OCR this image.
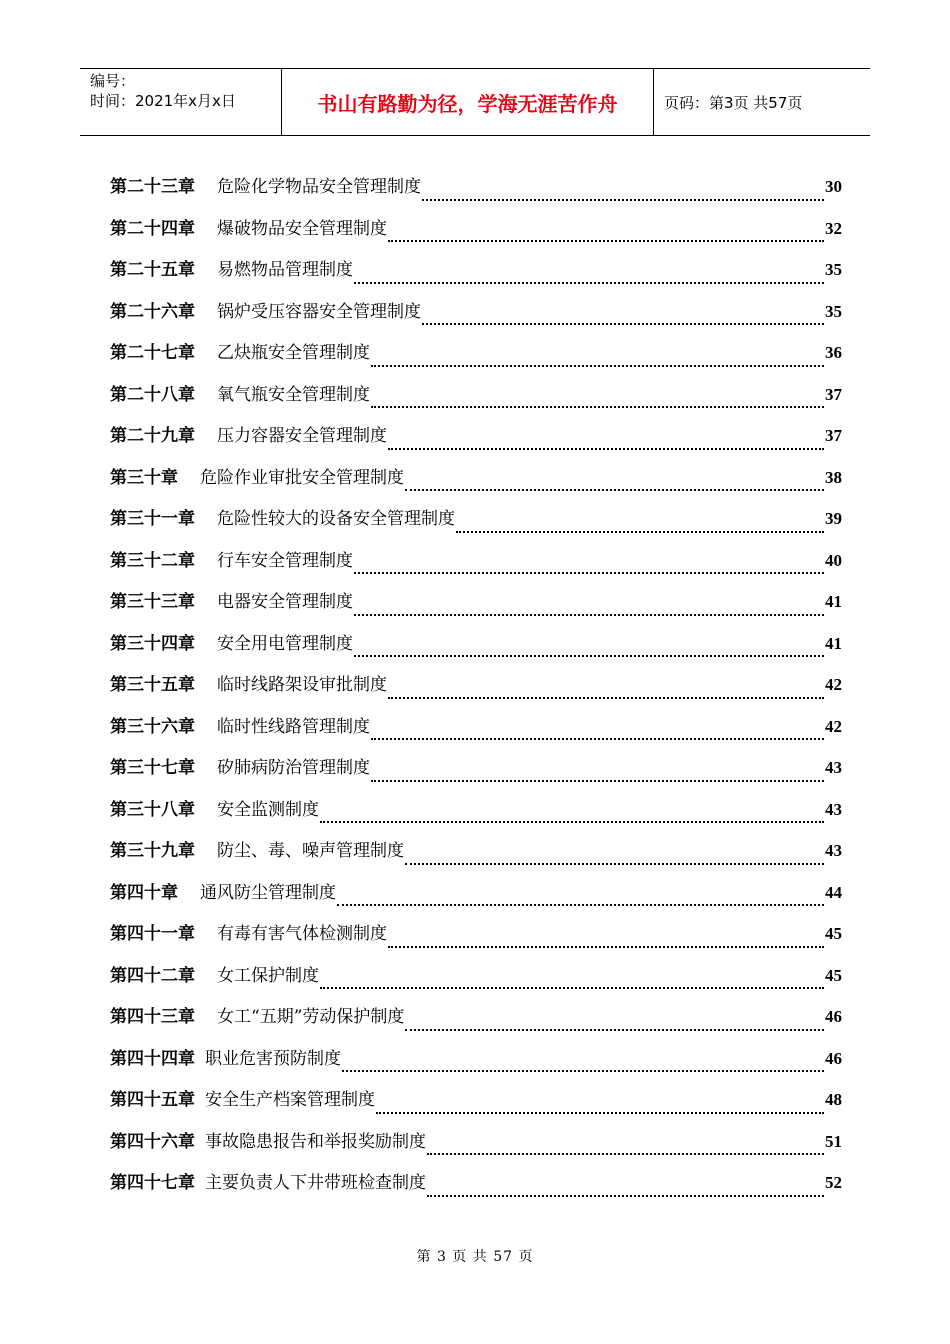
编号：
时间：2021年x月x日	书山有路勤为径，学海无涯苦作舟	页码：第3页 共57页
第二十三章 危险化学物品安全管理制度	30
第二十四章 爆破物品安全管理制度	32
第二十五章 易燃物品管理制度	35
第二十六章 锅炉受压容器安全管理制度	35
第二十七章 乙炔瓶安全管理制度	36
第二十八章 氧气瓶安全管理制度	37
第二十九章 压力容器安全管理制度	37
第三十章 危险作业审批安全管理制度	38
第三十一章 危险性较大的设备安全管理制度	39
第三十二章 行车安全管理制度	40
第三十三章 电器安全管理制度	41
第三十四章 安全用电管理制度	41
第三十五章 临时线路架设审批制度	42
第三十六章 临时性线路管理制度	42
第三十七章 矽肺病防治管理制度	43
第三十八章 安全监测制度	43
第三十九章 防尘、毒、噪声管理制度	43
第四十章 通风防尘管理制度	44
第四十一章 有毒有害气体检测制度	45
第四十二章 女工保护制度	45
第四十三章 女工“五期”劳动保护制度	46
第四十四章 职业危害预防制度	46
第四十五章 安全生产档案管理制度	48
第四十六章 事故隐患报告和举报奖励制度	51
第四十七章 主要负责人下井带班检查制度	52
第 3 页 共 57 页
